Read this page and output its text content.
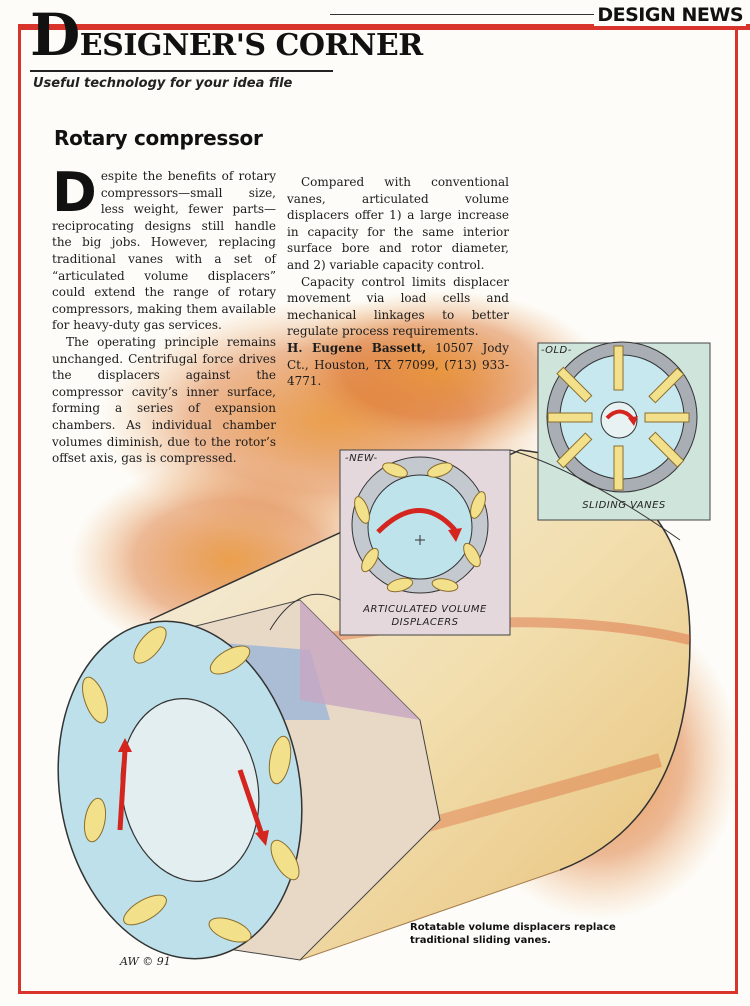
DESIGN NEWS
DESIGNER'S CORNER
Useful technology for your idea file
Rotary compressor

Despite the benefits of rotary compressors—small size, less weight, fewer parts—reciprocating designs still handle the big jobs. However, replacing traditional vanes with a set of “articulated volume displacers” could extend the range of rotary compressors, making them available for heavy-duty gas services.

The operating principle remains unchanged. Centrifugal force drives the displacers against the compressor cavity’s inner surface, forming a series of expansion chambers. As individual chamber volumes diminish, due to the rotor’s offset axis, gas is compressed.

Compared with conventional vanes, articulated volume displacers offer 1) a large increase in capacity for the same interior surface bore and rotor diameter, and 2) variable capacity control.

Capacity control limits displacer movement via load cells and mechanical linkages to better regulate process requirements.

H. Eugene Bassett, 10507 Jody Ct., Houston, TX 77099, (713) 933-4771.

-NEW-
ARTICULATED VOLUME
DISPLACERS
-OLD-
SLIDING VANES
AW © 91
Rotatable volume displacers replace traditional sliding vanes.
